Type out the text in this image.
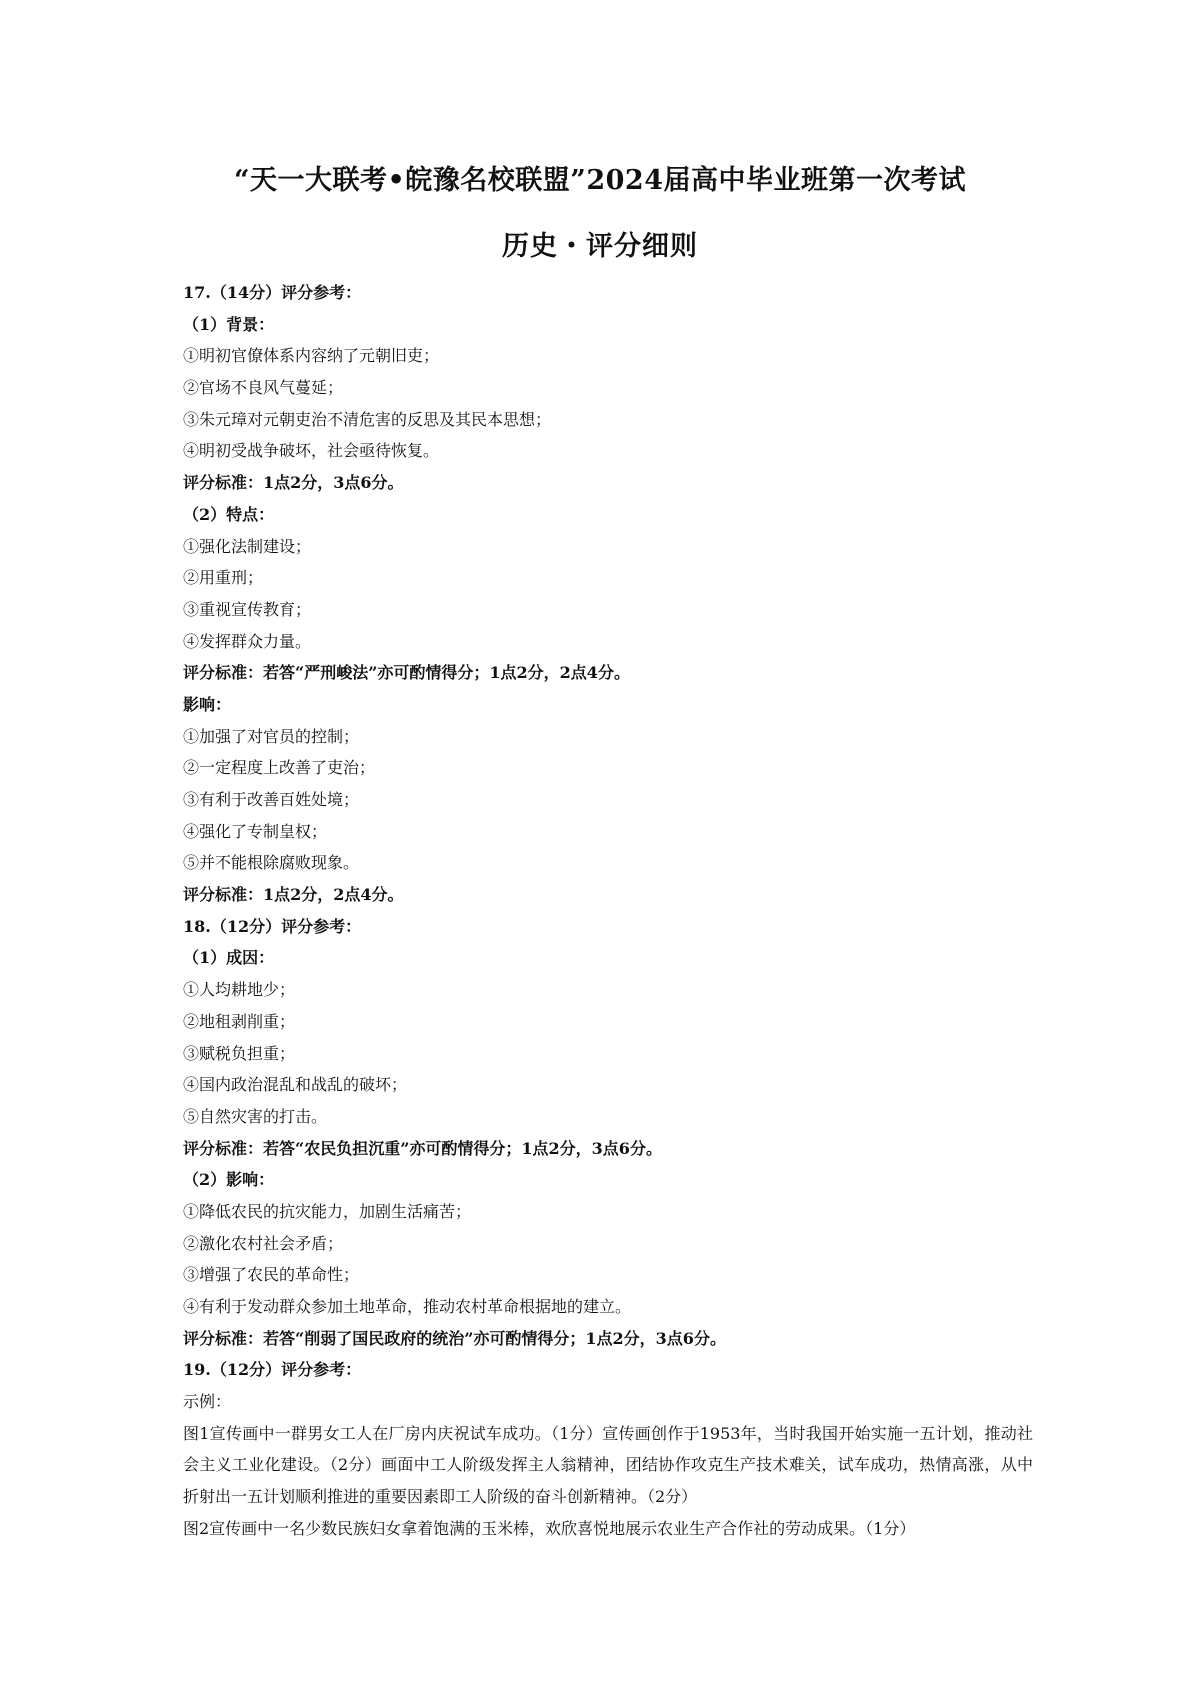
“天一大联考•皖豫名校联盟”2024届高中毕业班第一次考试
历史・评分细则
17.（14分）评分参考：
（1）背景：
①明初官僚体系内容纳了元朝旧吏；
②官场不良风气蔓延；
③朱元璋对元朝吏治不清危害的反思及其民本思想；
④明初受战争破坏，社会亟待恢复。
评分标准：1点2分，3点6分。
（2）特点：
①强化法制建设；
②用重刑；
③重视宣传教育；
④发挥群众力量。
评分标准：若答“严刑峻法”亦可酌情得分；1点2分，2点4分。
影响：
①加强了对官员的控制；
②一定程度上改善了吏治；
③有利于改善百姓处境；
④强化了专制皇权；
⑤并不能根除腐败现象。
评分标准：1点2分，2点4分。
18.（12分）评分参考：
（1）成因：
①人均耕地少；
②地租剥削重；
③赋税负担重；
④国内政治混乱和战乱的破坏；
⑤自然灾害的打击。
评分标准：若答“农民负担沉重”亦可酌情得分；1点2分，3点6分。
（2）影响：
①降低农民的抗灾能力，加剧生活痛苦；
②激化农村社会矛盾；
③增强了农民的革命性；
④有利于发动群众参加土地革命，推动农村革命根据地的建立。
评分标准：若答“削弱了国民政府的统治”亦可酌情得分；1点2分，3点6分。
19.（12分）评分参考：
示例：
图1宣传画中一群男女工人在厂房内庆祝试车成功。（1分）宣传画创作于1953年，当时我国开始实施一五计划，推动社会主义工业化建设。（2分）画面中工人阶级发挥主人翁精神，团结协作攻克生产技术难关，试车成功，热情高涨，从中折射出一五计划顺利推进的重要因素即工人阶级的奋斗创新精神。（2分）
图2宣传画中一名少数民族妇女拿着饱满的玉米棒，欢欣喜悦地展示农业生产合作社的劳动成果。（1分）
